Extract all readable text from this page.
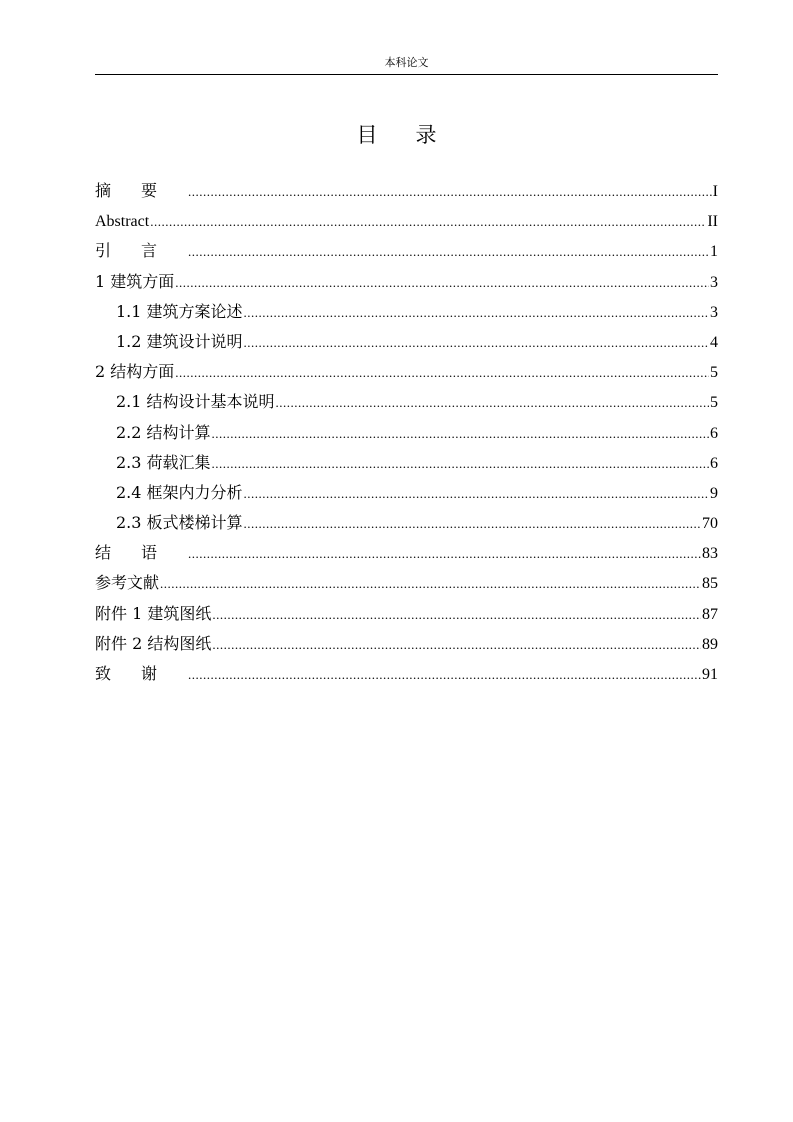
本科论文
目录
摘要 .....	I
Abstract .....	II
引言 .....	1
1 建筑方面 .....	3
1.1 建筑方案论述 .....	3
1.2 建筑设计说明 .....	4
2 结构方面 .....	5
2.1 结构设计基本说明 .....	5
2.2 结构计算 .....	6
2.3 荷载汇集 .....	6
2.4 框架内力分析 .....	9
2.3 板式楼梯计算 .....	70
结语 .....	83
参考文献 .....	85
附件 1 建筑图纸 .....	87
附件 2 结构图纸 .....	89
致谢 .....	91
